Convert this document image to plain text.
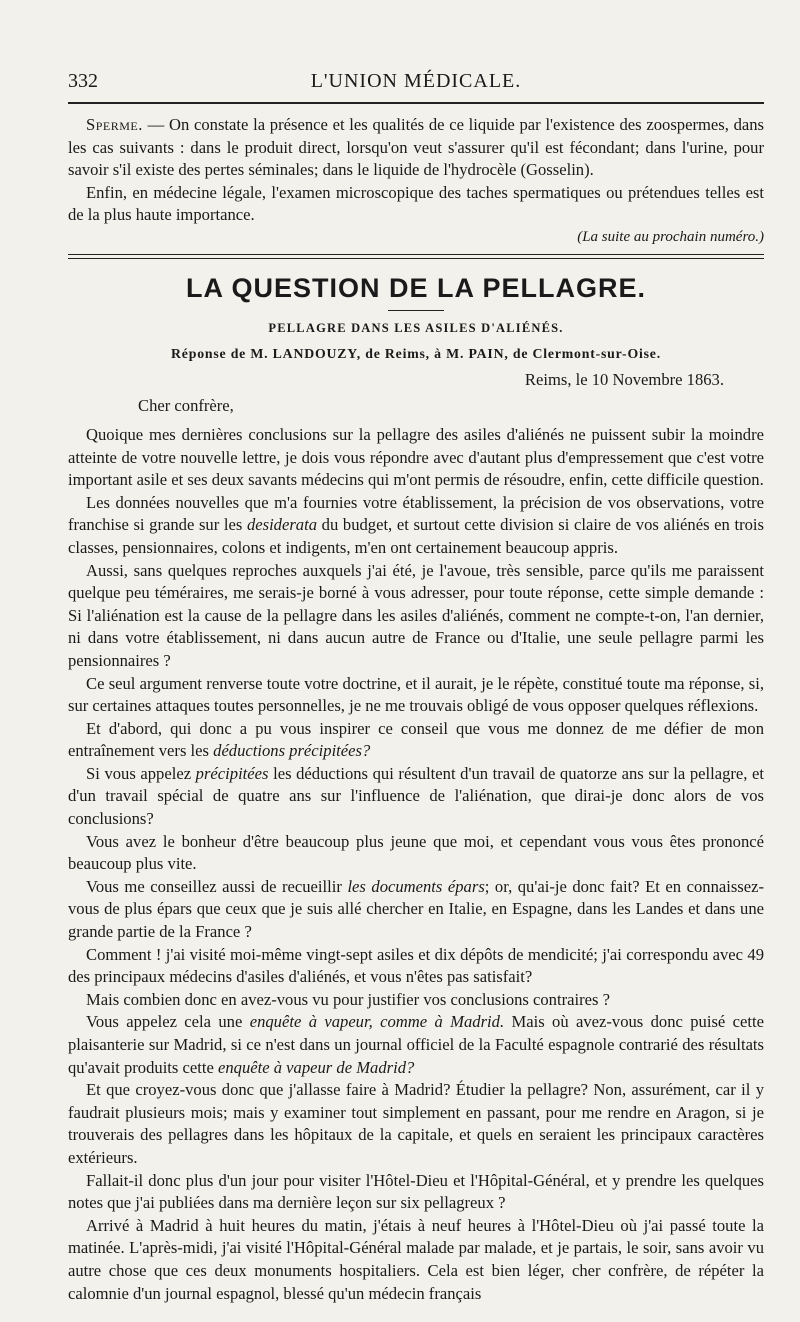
332	L'UNION MÉDICALE.

Sperme. — On constate la présence et les qualités de ce liquide par l'existence des zoospermes, dans les cas suivants : dans le produit direct, lorsqu'on veut s'assurer qu'il est fécondant; dans l'urine, pour savoir s'il existe des pertes séminales; dans le liquide de l'hydrocèle (Gosselin).

Enfin, en médecine légale, l'examen microscopique des taches spermatiques ou prétendues telles est de la plus haute importance.

(La suite au prochain numéro.)
LA QUESTION DE LA PELLAGRE.
PELLAGRE DANS LES ASILES D'ALIÉNÉS.
Réponse de M. LANDOUZY, de Reims, à M. PAIN, de Clermont-sur-Oise.
Reims, le 10 Novembre 1863.
Cher confrère,

Quoique mes dernières conclusions sur la pellagre des asiles d'aliénés ne puissent subir la moindre atteinte de votre nouvelle lettre, je dois vous répondre avec d'autant plus d'empressement que c'est votre important asile et ses deux savants médecins qui m'ont permis de résoudre, enfin, cette difficile question.

Les données nouvelles que m'a fournies votre établissement, la précision de vos observations, votre franchise si grande sur les desiderata du budget, et surtout cette division si claire de vos aliénés en trois classes, pensionnaires, colons et indigents, m'en ont certainement beaucoup appris.

Aussi, sans quelques reproches auxquels j'ai été, je l'avoue, très sensible, parce qu'ils me paraissent quelque peu téméraires, me serais-je borné à vous adresser, pour toute réponse, cette simple demande : Si l'aliénation est la cause de la pellagre dans les asiles d'aliénés, comment ne compte-t-on, l'an dernier, ni dans votre établissement, ni dans aucun autre de France ou d'Italie, une seule pellagre parmi les pensionnaires ?

Ce seul argument renverse toute votre doctrine, et il aurait, je le répète, constitué toute ma réponse, si, sur certaines attaques toutes personnelles, je ne me trouvais obligé de vous opposer quelques réflexions.

Et d'abord, qui donc a pu vous inspirer ce conseil que vous me donnez de me défier de mon entraînement vers les déductions précipitées?

Si vous appelez précipitées les déductions qui résultent d'un travail de quatorze ans sur la pellagre, et d'un travail spécial de quatre ans sur l'influence de l'aliénation, que dirai-je donc alors de vos conclusions?

Vous avez le bonheur d'être beaucoup plus jeune que moi, et cependant vous vous êtes prononcé beaucoup plus vite.

Vous me conseillez aussi de recueillir les documents épars; or, qu'ai-je donc fait? Et en connaissez-vous de plus épars que ceux que je suis allé chercher en Italie, en Espagne, dans les Landes et dans une grande partie de la France ?

Comment ! j'ai visité moi-même vingt-sept asiles et dix dépôts de mendicité; j'ai correspondu avec 49 des principaux médecins d'asiles d'aliénés, et vous n'êtes pas satisfait?

Mais combien donc en avez-vous vu pour justifier vos conclusions contraires ?

Vous appelez cela une enquête à vapeur, comme à Madrid. Mais où avez-vous donc puisé cette plaisanterie sur Madrid, si ce n'est dans un journal officiel de la Faculté espagnole contrarié des résultats qu'avait produits cette enquête à vapeur de Madrid?

Et que croyez-vous donc que j'allasse faire à Madrid? Étudier la pellagre? Non, assurément, car il y faudrait plusieurs mois; mais y examiner tout simplement en passant, pour me rendre en Aragon, si je trouverais des pellagres dans les hôpitaux de la capitale, et quels en seraient les principaux caractères extérieurs.

Fallait-il donc plus d'un jour pour visiter l'Hôtel-Dieu et l'Hôpital-Général, et y prendre les quelques notes que j'ai publiées dans ma dernière leçon sur six pellagreux ?

Arrivé à Madrid à huit heures du matin, j'étais à neuf heures à l'Hôtel-Dieu où j'ai passé toute la matinée. L'après-midi, j'ai visité l'Hôpital-Général malade par malade, et je partais, le soir, sans avoir vu autre chose que ces deux monuments hospitaliers. Cela est bien léger, cher confrère, de répéter la calomnie d'un journal espagnol, blessé qu'un médecin français
